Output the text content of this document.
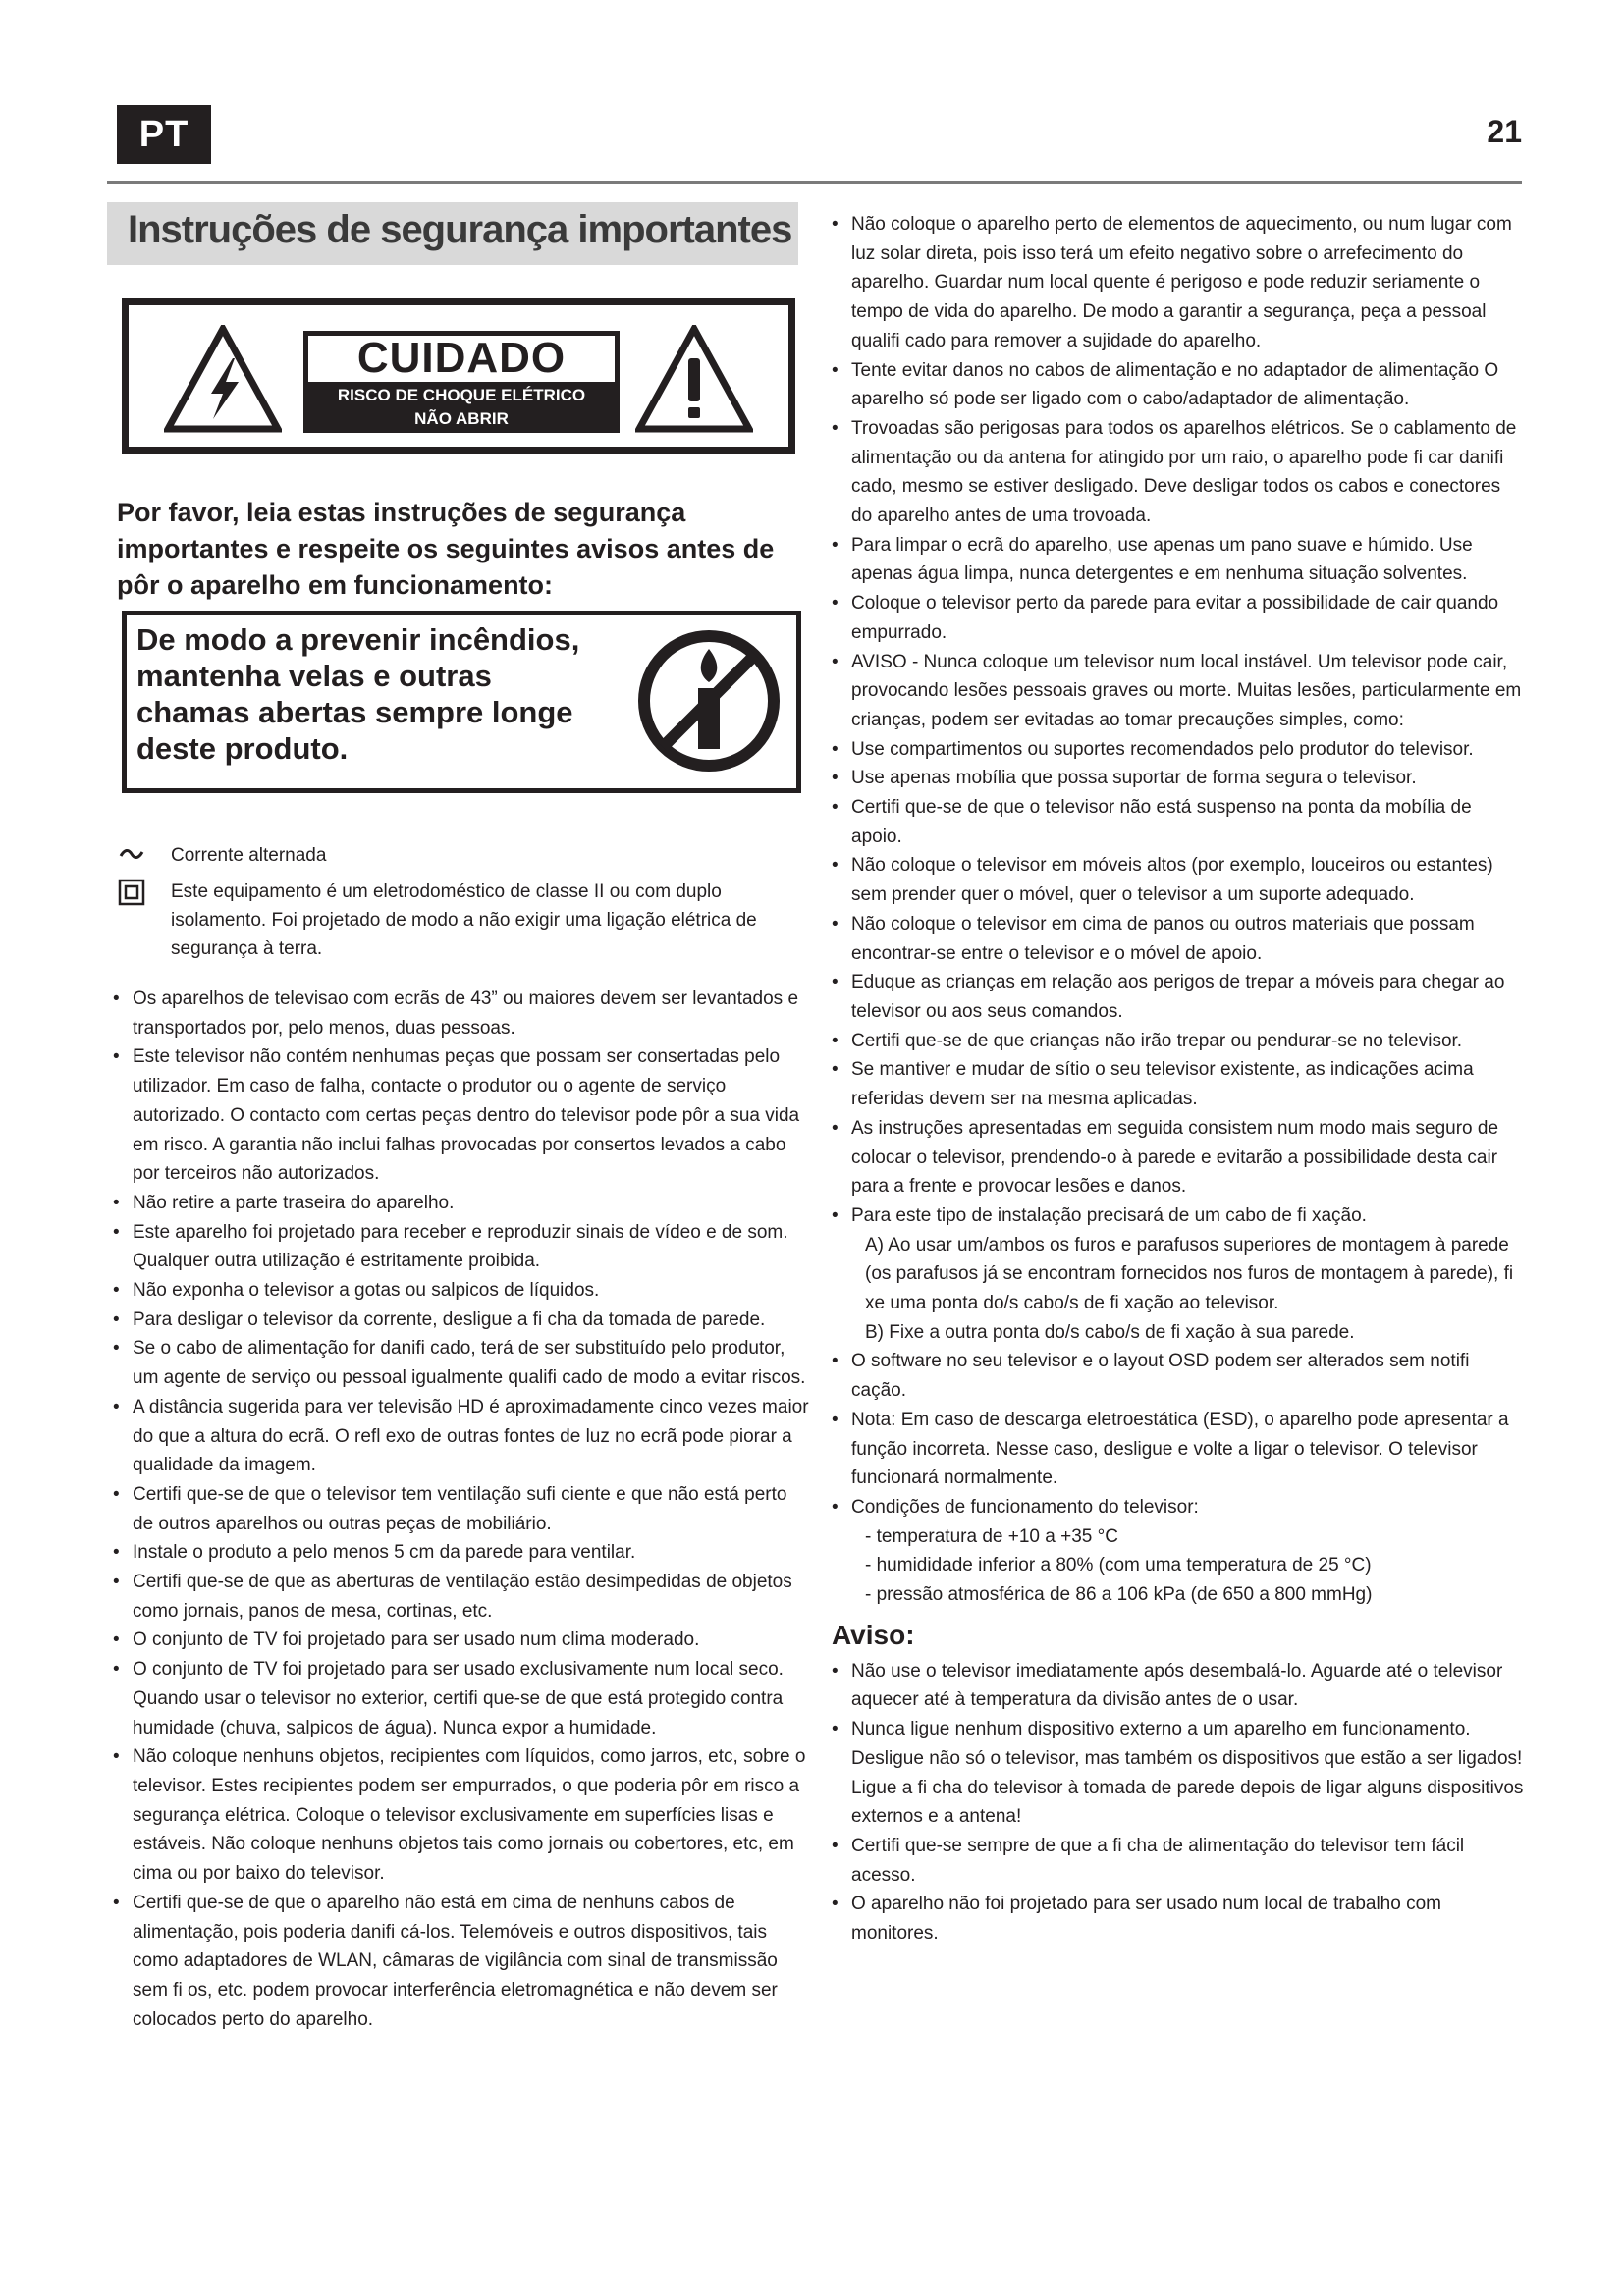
PT	21
Instruções de segurança importantes
CUIDADO
RISCO DE CHOQUE ELÉTRICO
NÃO ABRIR
Por favor, leia estas instruções de segurança importantes e respeite os seguintes avisos antes de pôr o aparelho em funcionamento:
De modo a prevenir incêndios, mantenha velas e outras chamas abertas sempre longe deste produto.
Corrente alternada
Este equipamento é um eletrodoméstico de classe II ou com duplo isolamento. Foi projetado de modo a não exigir uma ligação elétrica de segurança à terra.
• Os aparelhos de televisao com ecrãs de 43” ou maiores devem ser levantados e transportados por, pelo menos, duas pessoas.
• Este televisor não contém nenhumas peças que possam ser consertadas pelo utilizador. Em caso de falha, contacte o produtor ou o agente de serviço autorizado. O contacto com certas peças dentro do televisor pode pôr a sua vida em risco. A garantia não inclui falhas provocadas por consertos levados a cabo por terceiros não autorizados.
• Não retire a parte traseira do aparelho.
• Este aparelho foi projetado para receber e reproduzir sinais de vídeo e de som. Qualquer outra utilização é estritamente proibida.
• Não exponha o televisor a gotas ou salpicos de líquidos.
• Para desligar o televisor da corrente, desligue a fi cha da tomada de parede.
• Se o cabo de alimentação for danifi cado, terá de ser substituído pelo produtor, um agente de serviço ou pessoal igualmente qualifi cado de modo a evitar riscos.
• A distância sugerida para ver televisão HD é aproximadamente cinco vezes maior do que a altura do ecrã. O refl exo de outras fontes de luz no ecrã pode piorar a qualidade da imagem.
• Certifi que-se de que o televisor tem ventilação sufi ciente e que não está perto de outros aparelhos ou outras peças de mobiliário.
• Instale o produto a pelo menos 5 cm da parede para ventilar.
• Certifi que-se de que as aberturas de ventilação estão desimpedidas de objetos como jornais, panos de mesa, cortinas, etc.
• O conjunto de TV foi projetado para ser usado num clima moderado.
• O conjunto de TV foi projetado para ser usado exclusivamente num local seco. Quando usar o televisor no exterior, certifi que-se de que está protegido contra humidade (chuva, salpicos de água). Nunca expor a humidade.
• Não coloque nenhuns objetos, recipientes com líquidos, como jarros, etc, sobre o televisor. Estes recipientes podem ser empurrados, o que poderia pôr em risco a segurança elétrica. Coloque o televisor exclusivamente em superfícies lisas e estáveis. Não coloque nenhuns objetos tais como jornais ou cobertores, etc, em cima ou por baixo do televisor.
• Certifi que-se de que o aparelho não está em cima de nenhuns cabos de alimentação, pois poderia danifi cá-los. Telemóveis e outros dispositivos, tais como adaptadores de WLAN, câmaras de vigilância com sinal de transmissão sem fi os, etc. podem provocar interferência eletromagnética e não devem ser colocados perto do aparelho.
• Não coloque o aparelho perto de elementos de aquecimento, ou num lugar com luz solar direta, pois isso terá um efeito negativo sobre o arrefecimento do aparelho. Guardar num local quente é perigoso e pode reduzir seriamente o tempo de vida do aparelho. De modo a garantir a segurança, peça a pessoal qualifi cado para remover a sujidade do aparelho.
• Tente evitar danos no cabos de alimentação e no adaptador de alimentação O aparelho só pode ser ligado com o cabo/adaptador de alimentação.
• Trovoadas são perigosas para todos os aparelhos elétricos. Se o cablamento de alimentação ou da antena for atingido por um raio, o aparelho pode fi car danifi cado, mesmo se estiver desligado. Deve desligar todos os cabos e conectores do aparelho antes de uma trovoada.
• Para limpar o ecrã do aparelho, use apenas um pano suave e húmido. Use apenas água limpa, nunca detergentes e em nenhuma situação solventes.
• Coloque o televisor perto da parede para evitar a possibilidade de cair quando empurrado.
• AVISO - Nunca coloque um televisor num local instável. Um televisor pode cair, provocando lesões pessoais graves ou morte. Muitas lesões, particularmente em crianças, podem ser evitadas ao tomar precauções simples, como:
• Use compartimentos ou suportes recomendados pelo produtor do televisor.
• Use apenas mobília que possa suportar de forma segura o televisor.
• Certifi que-se de que o televisor não está suspenso na ponta da mobília de apoio.
• Não coloque o televisor em móveis altos (por exemplo, louceiros ou estantes) sem prender quer o móvel, quer o televisor a um suporte adequado.
• Não coloque o televisor em cima de panos ou outros materiais que possam encontrar-se entre o televisor e o móvel de apoio.
• Eduque as crianças em relação aos perigos de trepar a móveis para chegar ao televisor ou aos seus comandos.
• Certifi que-se de que crianças não irão trepar ou pendurar-se no televisor.
• Se mantiver e mudar de sítio o seu televisor existente, as indicações acima referidas devem ser na mesma aplicadas.
• As instruções apresentadas em seguida consistem num modo mais seguro de colocar o televisor, prendendo-o à parede e evitarão a possibilidade desta cair para a frente e provocar lesões e danos.
• Para este tipo de instalação precisará de um cabo de fi xação.
A) Ao usar um/ambos os furos e parafusos superiores de montagem à parede (os parafusos já se encontram fornecidos nos furos de montagem à parede), fi xe uma ponta do/s cabo/s de fi xação ao televisor.
B) Fixe a outra ponta do/s cabo/s de fi xação à sua parede.
• O software no seu televisor e o layout OSD podem ser alterados sem notifi cação.
• Nota: Em caso de descarga eletroestática (ESD), o aparelho pode apresentar a função incorreta. Nesse caso, desligue e volte a ligar o televisor. O televisor funcionará normalmente.
• Condições de funcionamento do televisor:
- temperatura de +10 a +35 °C
- humididade inferior a 80% (com uma temperatura de 25 °C)
- pressão atmosférica de 86 a 106 kPa (de 650 a 800 mmHg)
Aviso:
• Não use o televisor imediatamente após desembalá-lo. Aguarde até o televisor aquecer até à temperatura da divisão antes de o usar.
• Nunca ligue nenhum dispositivo externo a um aparelho em funcionamento. Desligue não só o televisor, mas também os dispositivos que estão a ser ligados! Ligue a fi cha do televisor à tomada de parede depois de ligar alguns dispositivos externos e a antena!
• Certifi que-se sempre de que a fi cha de alimentação do televisor tem fácil acesso.
• O aparelho não foi projetado para ser usado num local de trabalho com monitores.
